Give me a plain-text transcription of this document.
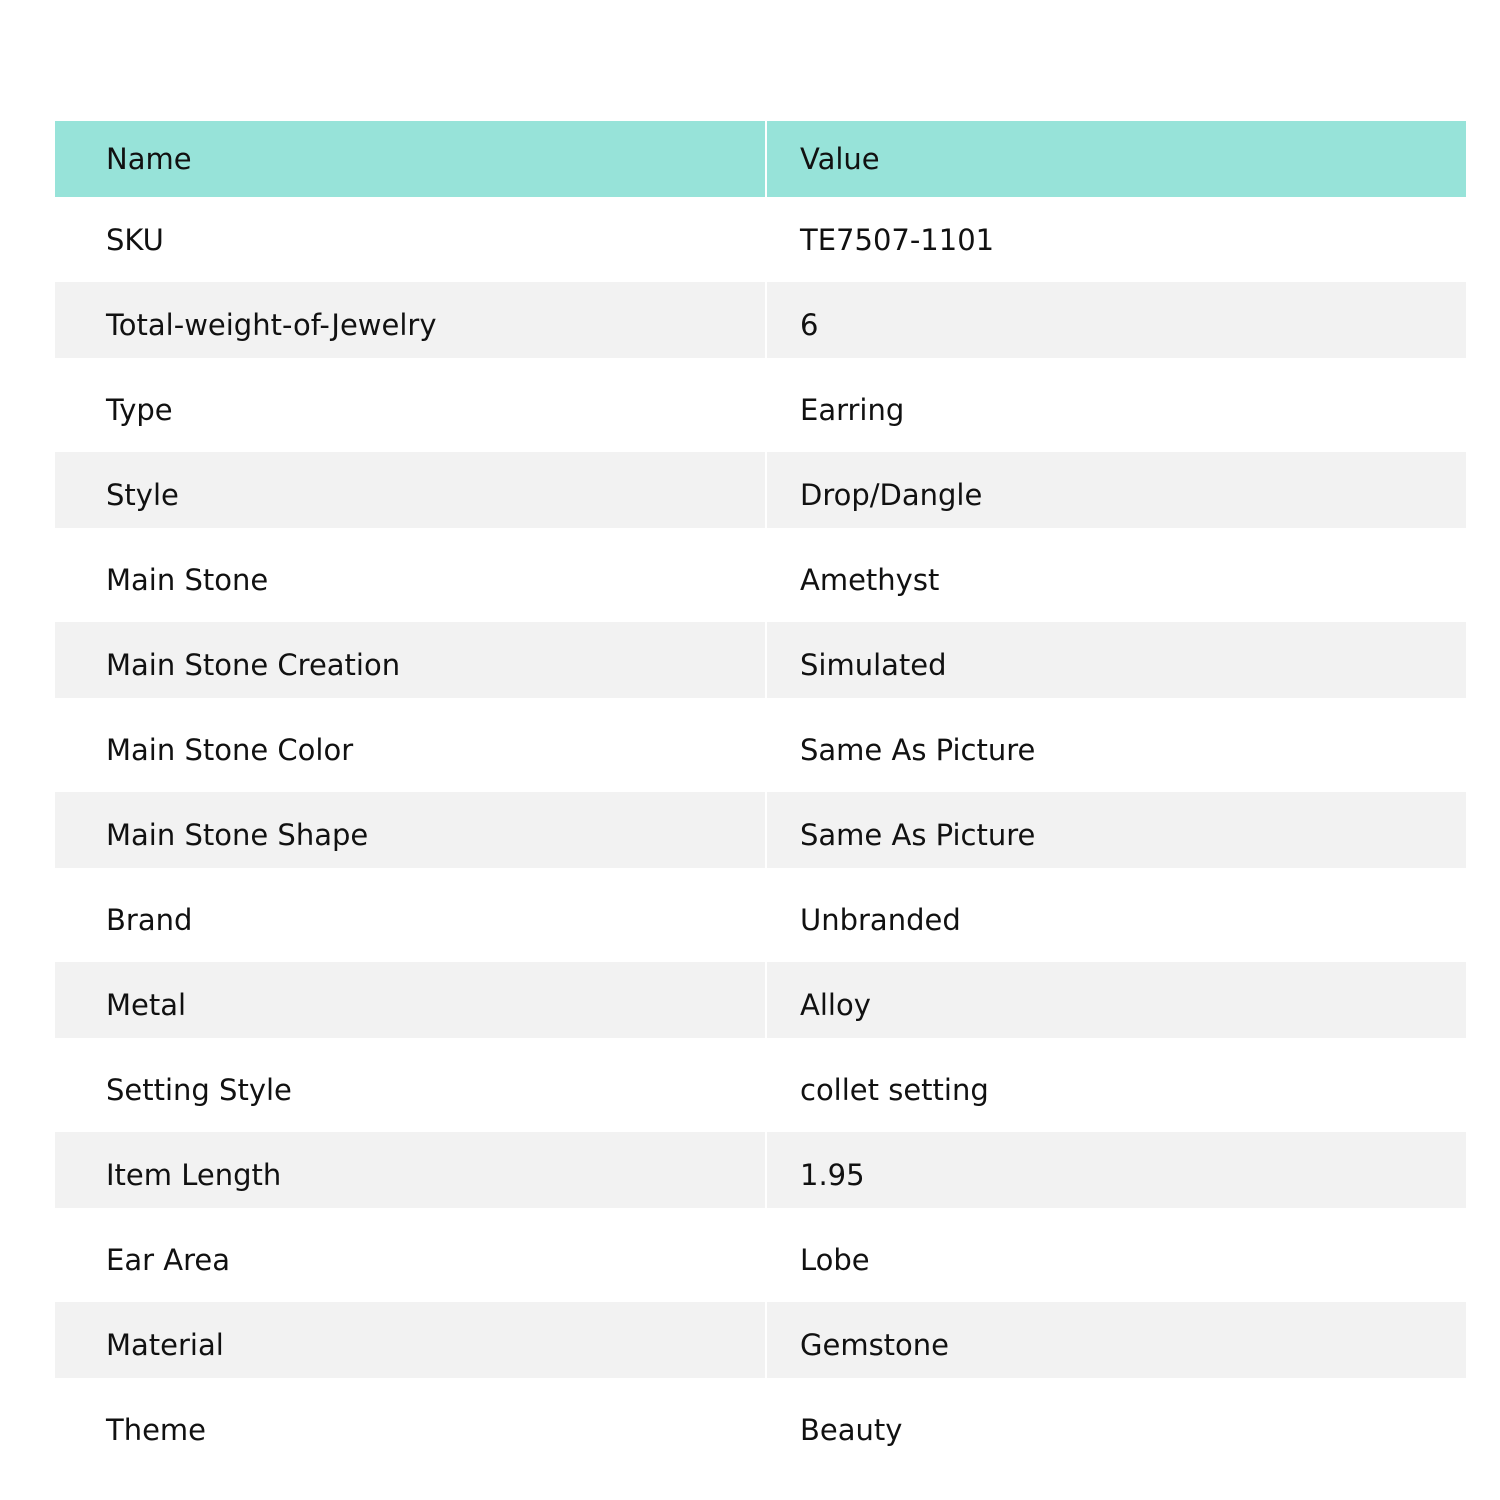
Name	Value
SKU	TE7507-1101
Total-weight-of-Jewelry	6
Type	Earring
Style	Drop/Dangle
Main Stone	Amethyst
Main Stone Creation	Simulated
Main Stone Color	Same As Picture
Main Stone Shape	Same As Picture
Brand	Unbranded
Metal	Alloy
Setting Style	collet setting
Item Length	1.95
Ear Area	Lobe
Material	Gemstone
Theme	Beauty
